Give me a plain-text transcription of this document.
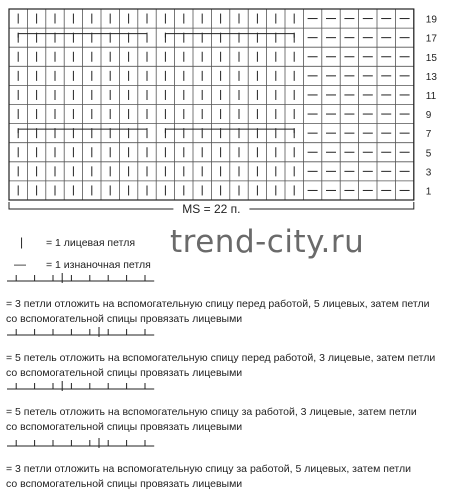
19
17
15
13
11
9
7
5
3
1
MS = 22 п.
| = 1 лицевая петля
— = 1 изнаночная петля
= 3 петли отложить на вспомогательную спицу перед работой, 5 лицевых, затем петли
со вспомогательной спицы провязать лицевыми
= 5 петель отложить на вспомогательную спицу перед работой, 3 лицевые, затем петли
со вспомогательной спицы провязать лицевыми
= 5 петель отложить на вспомогательную спицу за работой, 3 лицевые, затем петли
со вспомогательной спицы провязать лицевыми
= 3 петли отложить на вспомогательную спицу за работой, 5 лицевых, затем петли
со вспомогательной спицы провязать лицевыми
trend-city.ru
